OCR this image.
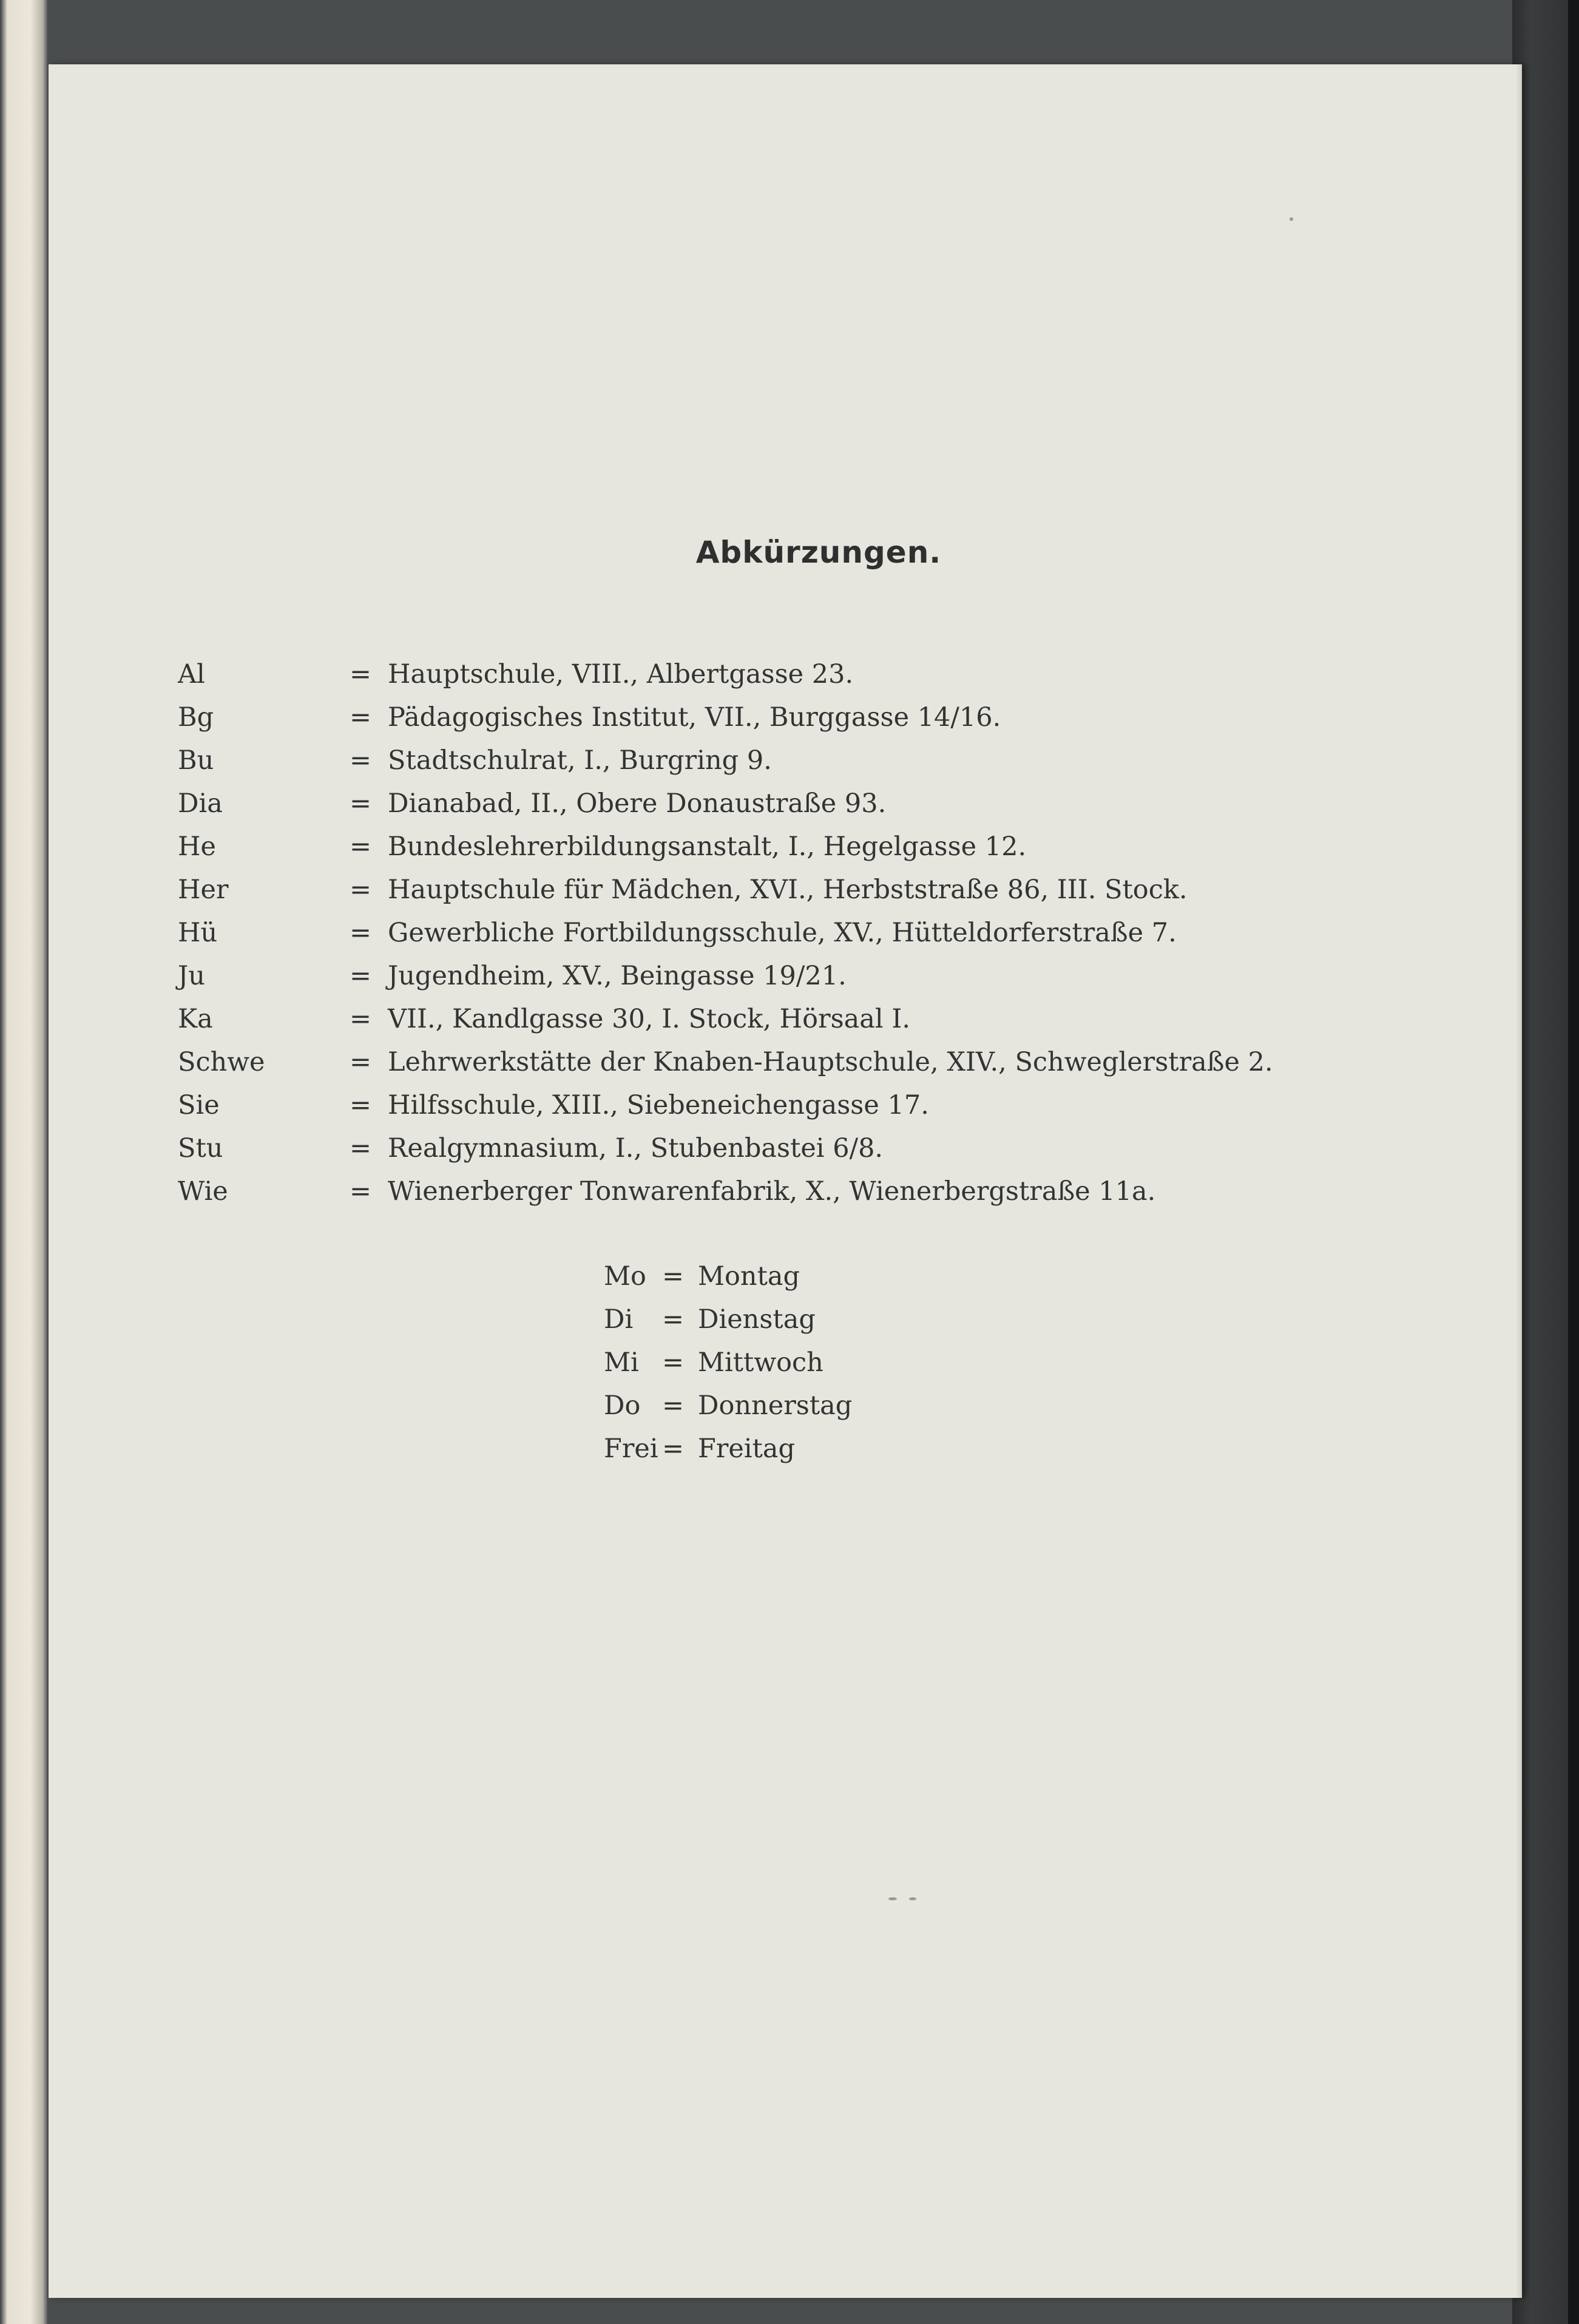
Abkürzungen.
Al	= Hauptschule, VIII., Albertgasse 23.
Bg	= Pädagogisches Institut, VII., Burggasse 14/16.
Bu	= Stadtschulrat, I., Burgring 9.
Dia	= Dianabad, II., Obere Donaustraße 93.
He	= Bundeslehrerbildungsanstalt, I., Hegelgasse 12.
Her	= Hauptschule für Mädchen, XVI., Herbststraße 86, III. Stock.
Hü	= Gewerbliche Fortbildungsschule, XV., Hütteldorferstraße 7.
Ju	= Jugendheim, XV., Beingasse 19/21.
Ka	= VII., Kandlgasse 30, I. Stock, Hörsaal I.
Schwe	= Lehrwerkstätte der Knaben-Hauptschule, XIV., Schweglerstraße 2.
Sie	= Hilfsschule, XIII., Siebeneichengasse 17.
Stu	= Realgymnasium, I., Stubenbastei 6/8.
Wie	= Wienerberger Tonwarenfabrik, X., Wienerbergstraße 11a.
Mo = Montag
Di = Dienstag
Mi = Mittwoch
Do = Donnerstag
Frei = Freitag
